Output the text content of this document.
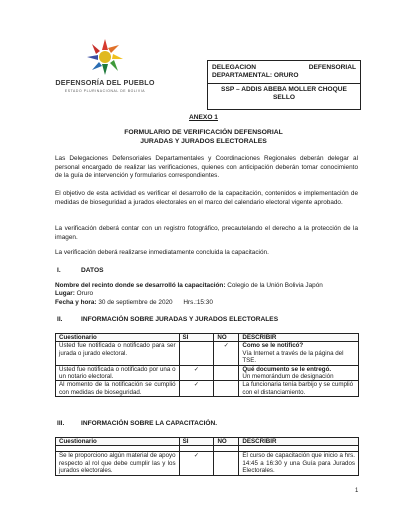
DEFENSORÍA DEL PUEBLO
ESTADO PLURINACIONAL DE BOLIVIA
DELEGACION	DEFENSORIAL
DEPARTAMENTAL: ORURO
SSP – ADDIS ABEBA MOLLER CHOQUE
SELLO
ANEXO 1
FORMULARIO DE VERIFICACIÓN DEFENSORIAL
JURADAS Y JURADOS ELECTORALES
Las Delegaciones Defensoriales Departamentales y Coordinaciones Regionales deberán delegar al personal encargado de realizar las verificaciones, quienes con anticipación deberán tomar conocimiento de la guía de intervención y formularios correspondientes.
El objetivo de esta actividad es verificar el desarrollo de la capacitación, contenidos e implementación de medidas de bioseguridad a jurados electorales en el marco del calendario electoral vigente aprobado.
La verificación deberá contar con un registro fotográfico, precautelando el derecho a la protección de la imagen.
La verificación deberá realizarse inmediatamente concluida la capacitación.
I.	DATOS
Nombre del recinto donde se desarrolló la capacitación: Colegio de la Unión Bolivia Japón
Lugar: Oruro
Fecha y hora: 30 de septiembre de 2020 Hrs.:15:30
II.	INFORMACIÓN SOBRE JURADAS Y JURADOS ELECTORALES
Cuestionario	SI	NO	DESCRIBIR
Usted fue notificada o notificado para ser jurada o jurado electoral.		✓	Como se le notificó?
Vía Internet a través de la página del TSE.
Usted fue notificada o notificado por una o un notario electoral.	✓		Qué documento se le entregó.
Un memorándum de designación
Al momento de la notificación se cumplió con medidas de bioseguridad.	✓		La funcionaria tenía barbijo y se cumplió con el distanciamiento.
III.	INFORMACIÓN SOBRE LA CAPACITACIÓN.
Cuestionario	SI	NO	DESCRIBIR

Se le proporciono algún material de apoyo respecto al rol que debe cumplir las y los jurados electorales.	✓		El curso de capacitación que inicio a hrs. 14:45 a 16:30 y una Guía para Jurados Electorales.
1
